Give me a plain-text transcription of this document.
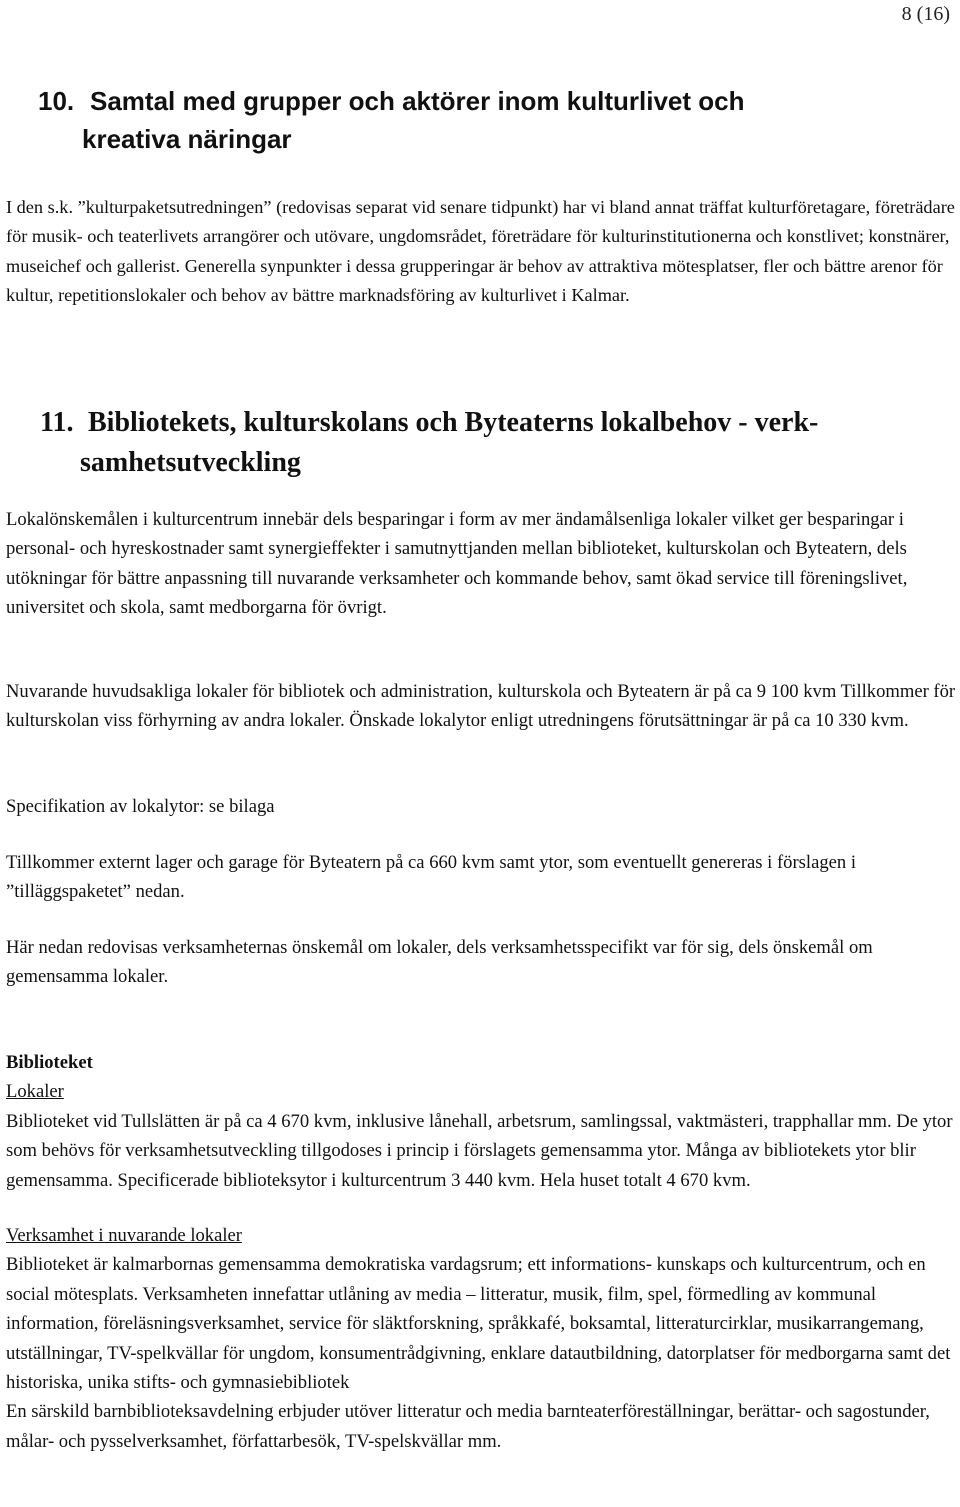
8 (16)
10. Samtal med grupper och aktörer inom kulturlivet och
kreativa näringar

I den s.k. ”kulturpaketsutredningen” (redovisas separat vid senare tidpunkt) har vi bland annat träffat kulturföretagare, företrädare för musik- och teaterlivets arrangörer och utövare, ungdomsrådet, företrädare för kulturinstitutionerna och konstlivet; konstnärer, museichef och gallerist. Generella synpunkter i dessa grupperingar är behov av attraktiva mötesplatser, fler och bättre arenor för kultur, repetitionslokaler och behov av bättre marknadsföring av kulturlivet i Kalmar.

11. Bibliotekets, kulturskolans och Byteaterns lokalbehov - verk-
samhetsutveckling

Lokalönskemålen i kulturcentrum innebär dels besparingar i form av mer ändamålsenliga lokaler vilket ger besparingar i personal- och hyreskostnader samt synergieffekter i samutnyttjanden mellan biblioteket, kulturskolan och Byteatern, dels utökningar för bättre anpassning till nuvarande verksamheter och kommande behov, samt ökad service till föreningslivet, universitet och skola, samt medborgarna för övrigt.

Nuvarande huvudsakliga lokaler för bibliotek och administration, kulturskola och Byteatern är på ca 9 100 kvm Tillkommer för kulturskolan viss förhyrning av andra lokaler. Önskade lokalytor enligt utredningens förutsättningar är på ca 10 330 kvm.

Specifikation av lokalytor: se bilaga

Tillkommer externt lager och garage för Byteatern på ca 660 kvm samt ytor, som eventuellt genereras i förslagen i ”tilläggspaketet” nedan.

Här nedan redovisas verksamheternas önskemål om lokaler, dels verksamhetsspecifikt var för sig, dels önskemål om gemensamma lokaler.

Biblioteket

Lokaler

Biblioteket vid Tullslätten är på ca 4 670 kvm, inklusive lånehall, arbetsrum, samlingssal, vaktmästeri, trapphallar mm. De ytor som behövs för verksamhetsutveckling tillgodoses i princip i förslagets gemensamma ytor. Många av bibliotekets ytor blir gemensamma. Specificerade biblioteksytor i kulturcentrum 3 440 kvm. Hela huset totalt 4 670 kvm.

Verksamhet i nuvarande lokaler

Biblioteket är kalmarbornas gemensamma demokratiska vardagsrum; ett informations- kunskaps och kulturcentrum, och en social mötesplats. Verksamheten innefattar utlåning av media – litteratur, musik, film, spel, förmedling av kommunal information, föreläsningsverksamhet, service för släktforskning, språkkafé, boksamtal, litteraturcirklar, musikarrangemang, utställningar, TV-spelkvällar för ungdom, konsumentrådgivning, enklare datautbildning, datorplatser för medborgarna samt det historiska, unika stifts- och gymnasiebibliotek

En särskild barnbiblioteksavdelning erbjuder utöver litteratur och media barnteaterföreställningar, berättar- och sagostunder, målar- och pysselverksamhet, författarbesök, TV-spelskvällar mm.
